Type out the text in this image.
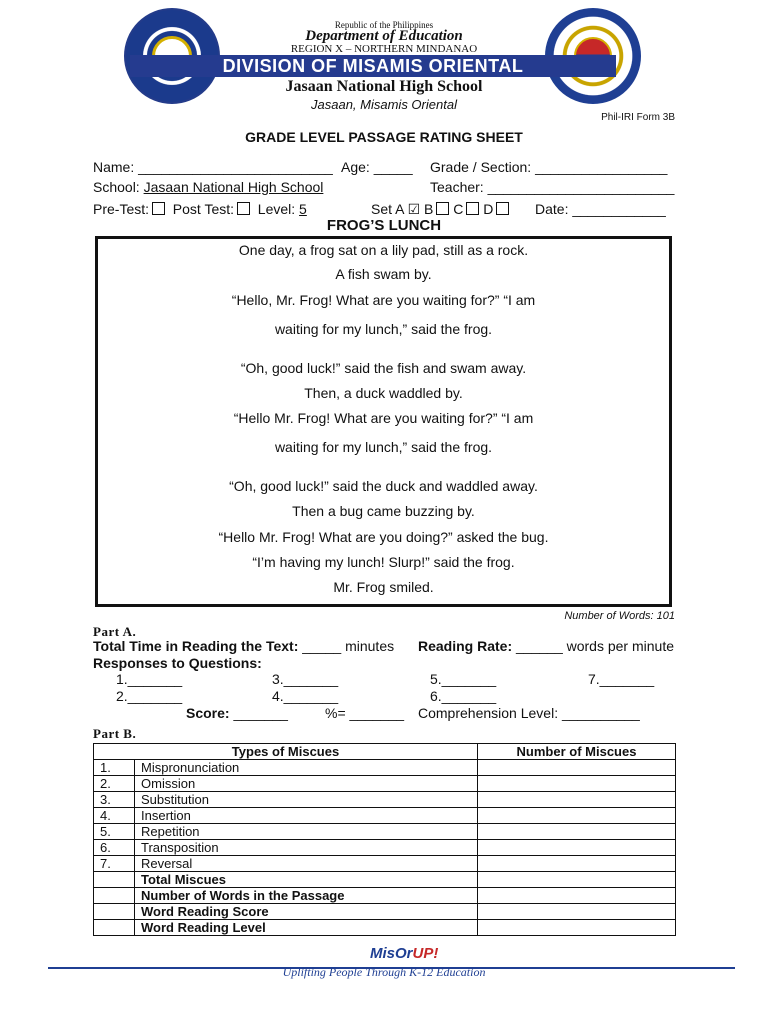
Republic of the Philippines
Department of Education
REGION X – NORTHERN MINDANAO
DIVISION OF MISAMIS ORIENTAL
Jasaan National High School
Jasaan, Misamis Oriental
Phil-IRI Form 3B
GRADE LEVEL PASSAGE RATING SHEET
Name: _________________________ Age: _____ Grade / Section: _________________
School: Jasaan National High School	Teacher: ________________________
Pre-Test: Post Test: Level: 5	Set A ☑ B C D	Date: ____________
FROG’S LUNCH
One day, a frog sat on a lily pad, still as a rock.
A fish swam by.
“Hello, Mr. Frog! What are you waiting for?” “I am
waiting for my lunch,” said the frog.
“Oh, good luck!” said the fish and swam away.
Then, a duck waddled by.
“Hello Mr. Frog! What are you waiting for?” “I am
waiting for my lunch,” said the frog.
“Oh, good luck!” said the duck and waddled away.
Then a bug came buzzing by.
“Hello Mr. Frog! What are you doing?” asked the bug.
“I’m having my lunch! Slurp!” said the frog.
Mr. Frog smiled.
Number of Words: 101
Part A.
Total Time in Reading the Text: _____ minutes Reading Rate: ______ words per minute
Responses to Questions:
1._______	3._______	5._______	7._______
2._______	4._______	6._______
Score: _______	%= _______ Comprehension Level: __________
Part B.
Types of Miscues		Number of Miscues
1.	Mispronunciation	
2.	Omission	
3.	Substitution	
4.	Insertion	
5.	Repetition	
6.	Transposition	
7.	Reversal	
	Total Miscues	
	Number of Words in the Passage	
	Word Reading Score	
	Word Reading Level	
MisOrUP!
Uplifting People Through K-12 Education
